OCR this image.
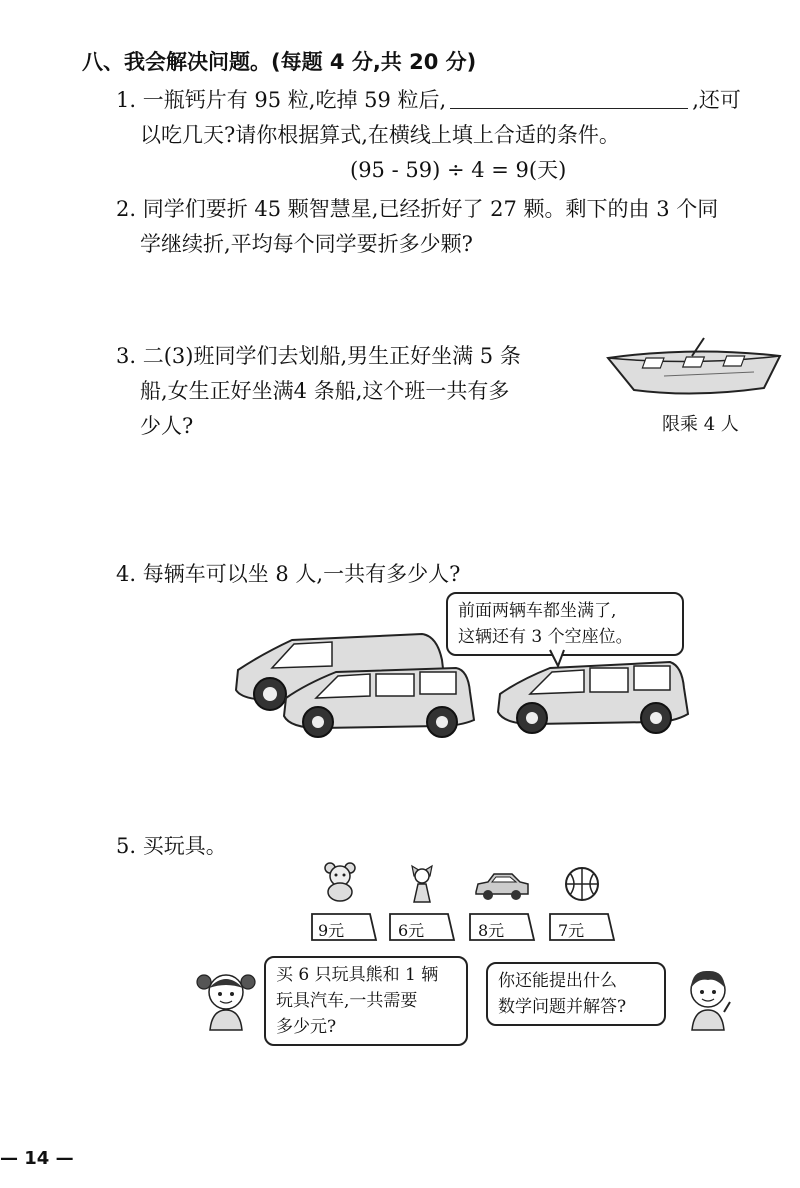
八、我会解决问题。(每题 4 分,共 20 分)
1. 一瓶钙片有 95 粒,吃掉 59 粒后,	,还可
以吃几天?请你根据算式,在横线上填上合适的条件。
(95 - 59) ÷ 4 = 9(天)
2. 同学们要折 45 颗智慧星,已经折好了 27 颗。剩下的由 3 个同
学继续折,平均每个同学要折多少颗?
3. 二(3)班同学们去划船,男生正好坐满 5 条
船,女生正好坐满4 条船,这个班一共有多
少人?	限乘 4 人
4. 每辆车可以坐 8 人,一共有多少人?
前面两辆车都坐满了,
这辆还有 3 个空座位。
5. 买玩具。
9元	6元	8元	7元
买 6 只玩具熊和 1 辆
玩具汽车,一共需要
多少元?
你还能提出什么
数学问题并解答?
— 14 —
